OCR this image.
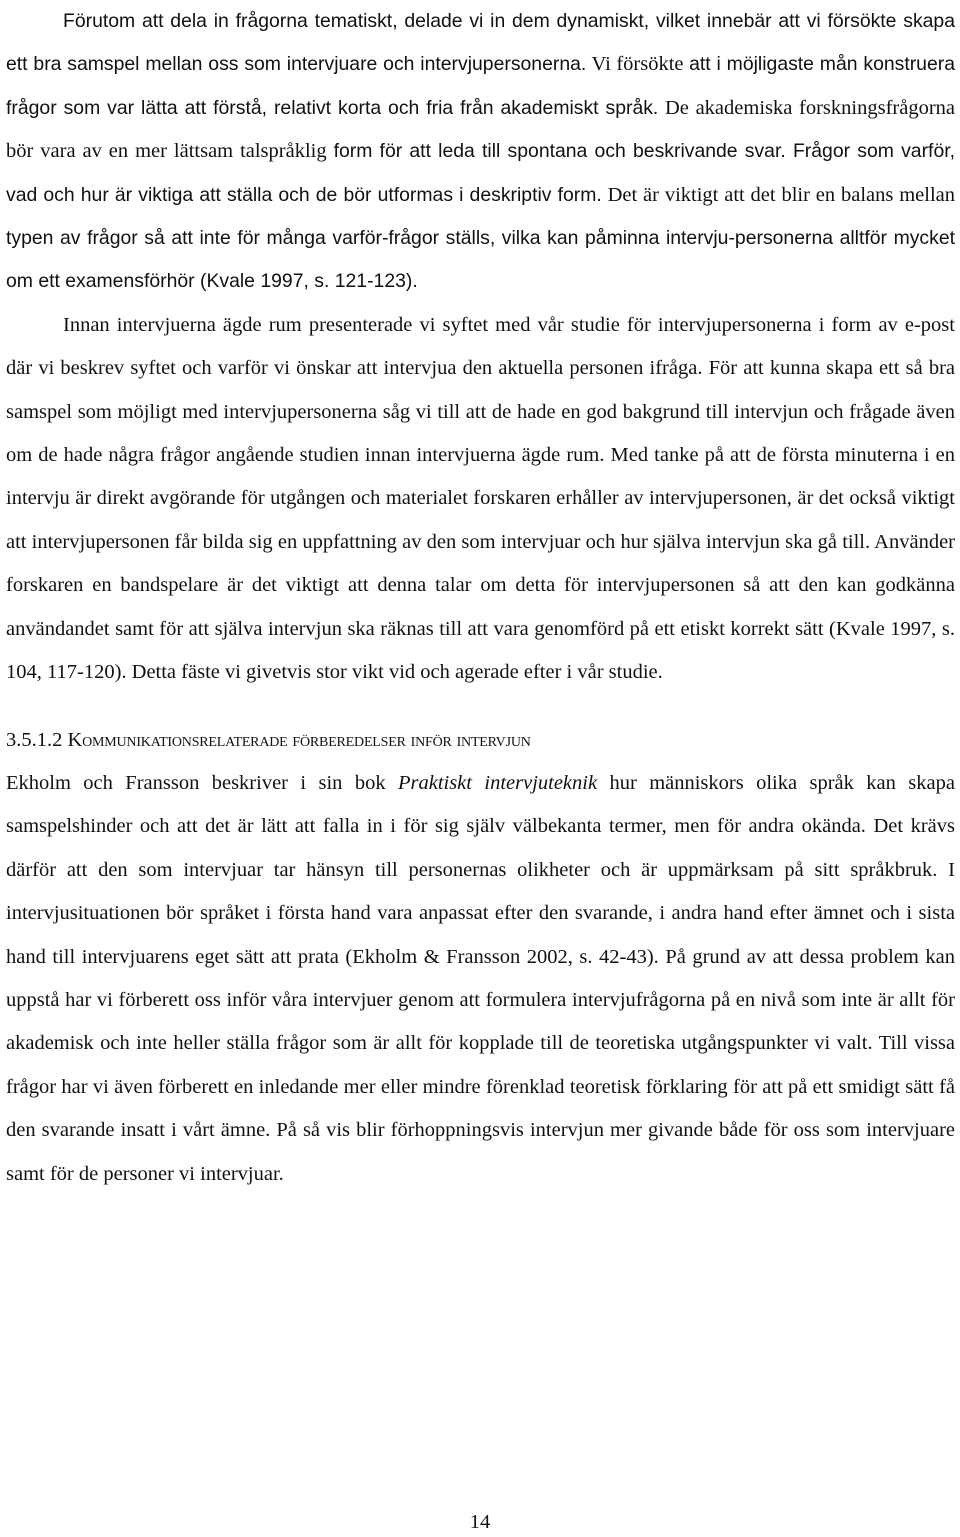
Förutom att dela in frågorna tematiskt, delade vi in dem dynamiskt, vilket innebär att vi försökte skapa ett bra samspel mellan oss som intervjuare och intervjupersonerna. Vi försökte att i möjligaste mån konstruera frågor som var lätta att förstå, relativt korta och fria från akademiskt språk. De akademiska forskningsfrågorna bör vara av en mer lättsam talspråklig form för att leda till spontana och beskrivande svar. Frågor som varför, vad och hur är viktiga att ställa och de bör utformas i deskriptiv form. Det är viktigt att det blir en balans mellan typen av frågor så att inte för många varför-frågor ställs, vilka kan påminna intervju-personerna alltför mycket om ett examensförhör (Kvale 1997, s. 121-123).

Innan intervjuerna ägde rum presenterade vi syftet med vår studie för intervjupersonerna i form av e-post där vi beskrev syftet och varför vi önskar att intervjua den aktuella personen ifråga. För att kunna skapa ett så bra samspel som möjligt med intervjupersonerna såg vi till att de hade en god bakgrund till intervjun och frågade även om de hade några frågor angående studien innan intervjuerna ägde rum. Med tanke på att de första minuterna i en intervju är direkt avgörande för utgången och materialet forskaren erhåller av intervjupersonen, är det också viktigt att intervjupersonen får bilda sig en uppfattning av den som intervjuar och hur själva intervjun ska gå till. Använder forskaren en bandspelare är det viktigt att denna talar om detta för intervjupersonen så att den kan godkänna användandet samt för att själva intervjun ska räknas till att vara genomförd på ett etiskt korrekt sätt (Kvale 1997, s. 104, 117-120). Detta fäste vi givetvis stor vikt vid och agerade efter i vår studie.

3.5.1.2 Kommunikationsrelaterade förberedelser inför intervjun

Ekholm och Fransson beskriver i sin bok Praktiskt intervjuteknik hur människors olika språk kan skapa samspelshinder och att det är lätt att falla in i för sig själv välbekanta termer, men för andra okända. Det krävs därför att den som intervjuar tar hänsyn till personernas olikheter och är uppmärksam på sitt språkbruk. I intervjusituationen bör språket i första hand vara anpassat efter den svarande, i andra hand efter ämnet och i sista hand till intervjuarens eget sätt att prata (Ekholm & Fransson 2002, s. 42-43). På grund av att dessa problem kan uppstå har vi förberett oss inför våra intervjuer genom att formulera intervjufrågorna på en nivå som inte är allt för akademisk och inte heller ställa frågor som är allt för kopplade till de teoretiska utgångspunkter vi valt. Till vissa frågor har vi även förberett en inledande mer eller mindre förenklad teoretisk förklaring för att på ett smidigt sätt få den svarande insatt i vårt ämne. På så vis blir förhoppningsvis intervjun mer givande både för oss som intervjuare samt för de personer vi intervjuar.

14
